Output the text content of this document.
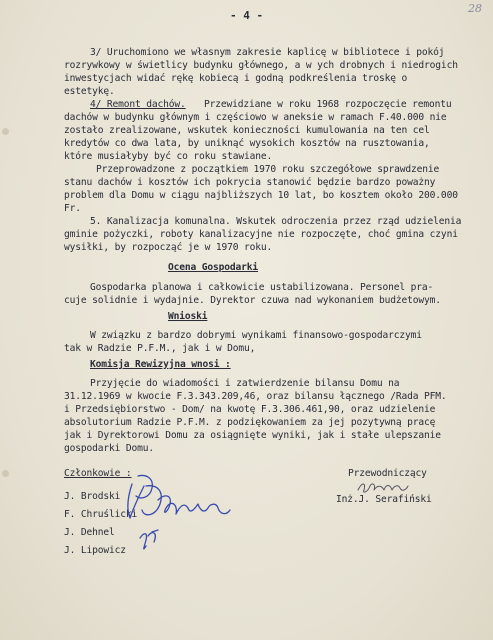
- 4 -
28
3/ Uruchomiono we własnym zakresie kaplicę w bibliotece i pokój
rozrywkowy w świetlicy budynku głównego, a w ych drobnych i niedrogich
inwestycjach widać rękę kobiecą i godną podkreślenia troskę o
estetykę.
4/ Remont dachów. Przewidziane w roku 1968 rozpoczęcie remontu
dachów w budynku głównym i częściowo w aneksie w ramach F.40.000 nie
zostało zrealizowane, wskutek konieczności kumulowania na ten cel
kredytów co dwa lata, by uniknąć wysokich kosztów na rusztowania,
które musiałyby być co roku stawiane.
Przeprowadzone z początkiem 1970 roku szczegółowe sprawdzenie
stanu dachów i kosztów ich pokrycia stanowić będzie bardzo poważny
problem dla Domu w ciągu najbliższych 10 lat, bo kosztem około 200.000
Fr.
5. Kanalizacja komunalna. Wskutek odroczenia przez rząd udzielenia
gminie pożyczki, roboty kanalizacyjne nie rozpoczęte, choć gmina czyni
wysiłki, by rozpocząć je w 1970 roku.
Ocena Gospodarki
Gospodarka planowa i całkowicie ustabilizowana. Personel pra-
cuje solidnie i wydajnie. Dyrektor czuwa nad wykonaniem budżetowym.
Wnioski
W związku z bardzo dobrymi wynikami finansowo-gospodarczymi
tak w Radzie P.F.M., jak i w Domu,
Komisja Rewizyjna wnosi :
Przyjęcie do wiadomości i zatwierdzenie bilansu Domu na
31.12.1969 w kwocie F.3.343.209,46, oraz bilansu łącznego /Rada PFM.
i Przedsiębiorstwo - Dom/ na kwotę F.3.306.461,90, oraz udzielenie
absolutorium Radzie P.F.M. z podziękowaniem za jej pozytywną pracę
jak i Dyrektorowi Domu za osiągnięte wyniki, jak i stałe ulepszanie
gospodarki Domu.
Członkowie :
J. Brodski
F. Chruślicki
J. Dehnel
J. Lipowicz
Przewodniczący
Inż.J. Serafiński
